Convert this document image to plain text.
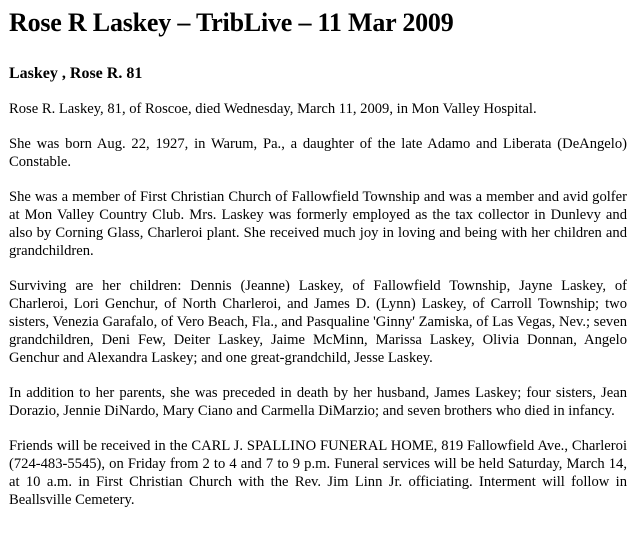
Rose R Laskey – TribLive – 11 Mar 2009
Laskey , Rose R. 81

Rose R. Laskey, 81, of Roscoe, died Wednesday, March 11, 2009, in Mon Valley Hospital.

She was born Aug. 22, 1927, in Warum, Pa., a daughter of the late Adamo and Liberata (DeAngelo) Constable.

She was a member of First Christian Church of Fallowfield Township and was a member and avid golfer at Mon Valley Country Club. Mrs. Laskey was formerly employed as the tax collector in Dunlevy and also by Corning Glass, Charleroi plant. She received much joy in loving and being with her children and grandchildren.

Surviving are her children: Dennis (Jeanne) Laskey, of Fallowfield Township, Jayne Laskey, of Charleroi, Lori Genchur, of North Charleroi, and James D. (Lynn) Laskey, of Carroll Township; two sisters, Venezia Garafalo, of Vero Beach, Fla., and Pasqualine 'Ginny' Zamiska, of Las Vegas, Nev.; seven grandchildren, Deni Few, Deiter Laskey, Jaime McMinn, Marissa Laskey, Olivia Donnan, Angelo Genchur and Alexandra Laskey; and one great-grandchild, Jesse Laskey.

In addition to her parents, she was preceded in death by her husband, James Laskey; four sisters, Jean Dorazio, Jennie DiNardo, Mary Ciano and Carmella DiMarzio; and seven brothers who died in infancy.

Friends will be received in the CARL J. SPALLINO FUNERAL HOME, 819 Fallowfield Ave., Charleroi (724-483-5545), on Friday from 2 to 4 and 7 to 9 p.m. Funeral services will be held Saturday, March 14, at 10 a.m. in First Christian Church with the Rev. Jim Linn Jr. officiating. Interment will follow in Beallsville Cemetery.
